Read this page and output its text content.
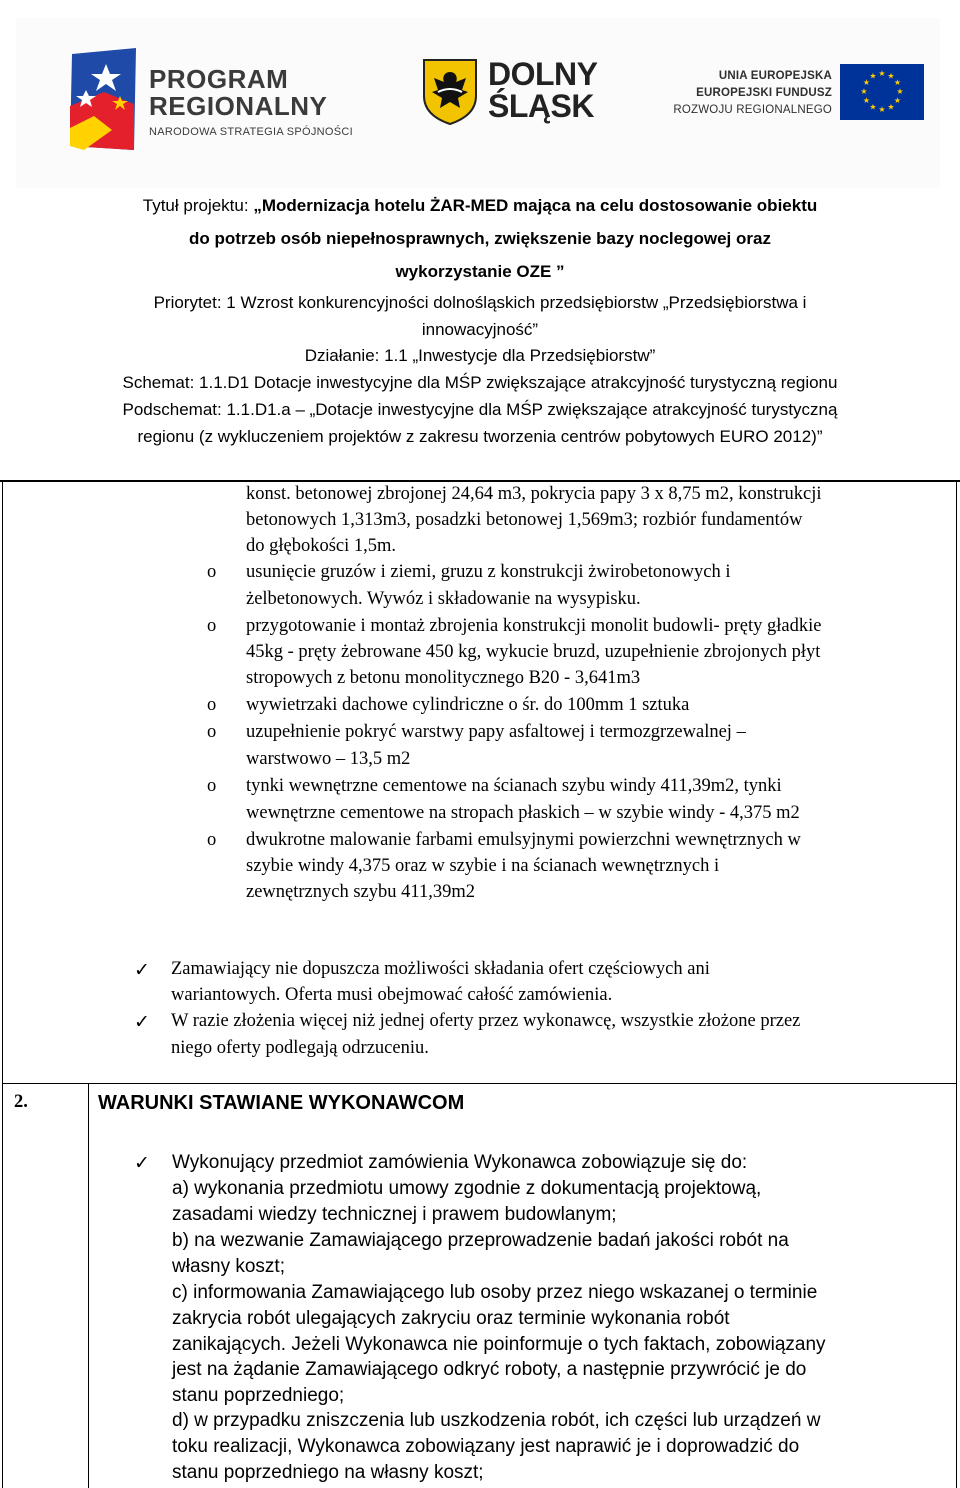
PROGRAM
REGIONALNY
NARODOWA STRATEGIA SPÓJNOŚCI
DOLNY
ŚLĄSK
UNIA EUROPEJSKA
EUROPEJSKI FUNDUSZ
ROZWOJU REGIONALNEGO
★ ★
★
★
★
★
★
★
★
★
★
★
Tytuł projektu: „Modernizacja hotelu ŻAR-MED mająca na celu dostosowanie obiektu
do potrzeb osób niepełnosprawnych, zwiększenie bazy noclegowej oraz
wykorzystanie OZE ”
Priorytet: 1 Wzrost konkurencyjności dolnośląskich przedsiębiorstw „Przedsiębiorstwa i
innowacyjność”
Działanie: 1.1 „Inwestycje dla Przedsiębiorstw”
Schemat: 1.1.D1 Dotacje inwestycyjne dla MŚP zwiększające atrakcyjność turystyczną regionu
Podschemat: 1.1.D1.a – „Dotacje inwestycyjne dla MŚP zwiększające atrakcyjność turystyczną
regionu (z wykluczeniem projektów z zakresu tworzenia centrów pobytowych EURO 2012)”
konst. betonowej zbrojonej 24,64 m3, pokrycia papy 3 x 8,75 m2, konstrukcji
betonowych 1,313m3, posadzki betonowej 1,569m3; rozbiór fundamentów
do głębokości 1,5m.
o usunięcie gruzów i ziemi, gruzu z konstrukcji żwirobetonowych i
żelbetonowych. Wywóz i składowanie na wysypisku.
o przygotowanie i montaż zbrojenia konstrukcji monolit budowli- pręty gładkie
45kg - pręty żebrowane 450 kg, wykucie bruzd, uzupełnienie zbrojonych płyt
stropowych z betonu monolitycznego B20 - 3,641m3
o wywietrzaki dachowe cylindriczne o śr. do 100mm 1 sztuka
o uzupełnienie pokryć warstwy papy asfaltowej i termozgrzewalnej –
warstwowo – 13,5 m2
o tynki wewnętrzne cementowe na ścianach szybu windy 411,39m2, tynki
wewnętrzne cementowe na stropach płaskich – w szybie windy - 4,375 m2
o dwukrotne malowanie farbami emulsyjnymi powierzchni wewnętrznych w
szybie windy 4,375 oraz w szybie i na ścianach wewnętrznych i
zewnętrznych szybu 411,39m2
✓ Zamawiający nie dopuszcza możliwości składania ofert częściowych ani
wariantowych. Oferta musi obejmować całość zamówienia.
✓ W razie złożenia więcej niż jednej oferty przez wykonawcę, wszystkie złożone przez
niego oferty podlegają odrzuceniu.
2.	WARUNKI STAWIANE WYKONAWCOM
✓ Wykonujący przedmiot zamówienia Wykonawca zobowiązuje się do:
a) wykonania przedmiotu umowy zgodnie z dokumentacją projektową,
zasadami wiedzy technicznej i prawem budowlanym;
b) na wezwanie Zamawiającego przeprowadzenie badań jakości robót na
własny koszt;
c) informowania Zamawiającego lub osoby przez niego wskazanej o terminie
zakrycia robót ulegających zakryciu oraz terminie wykonania robót
zanikających. Jeżeli Wykonawca nie poinformuje o tych faktach, zobowiązany
jest na żądanie Zamawiającego odkryć roboty, a następnie przywrócić je do
stanu poprzedniego;
d) w przypadku zniszczenia lub uszkodzenia robót, ich części lub urządzeń w
toku realizacji, Wykonawca zobowiązany jest naprawić je i doprowadzić do
stanu poprzedniego na własny koszt;
